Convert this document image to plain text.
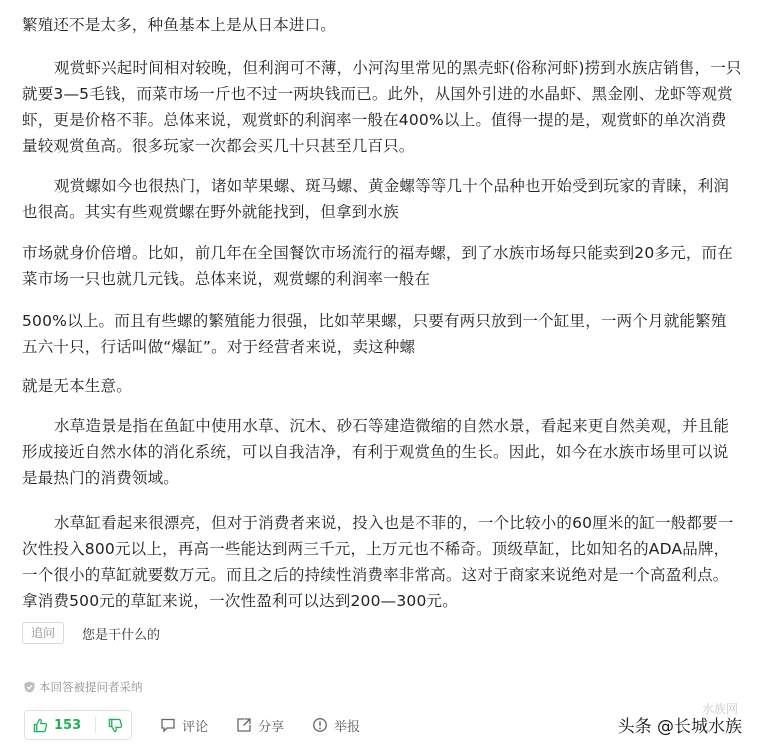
繁殖还不是太多，种鱼基本上是从日本进口。

观赏虾兴起时间相对较晚，但利润可不薄，小河沟里常见的黑壳虾(俗称河虾)捞到水族店销售，一只就要3—5毛钱，而菜市场一斤也不过一两块钱而已。此外，从国外引进的水晶虾、黑金刚、龙虾等观赏虾，更是价格不菲。总体来说，观赏虾的利润率一般在400%以上。值得一提的是，观赏虾的单次消费量较观赏鱼高。很多玩家一次都会买几十只甚至几百只。

观赏螺如今也很热门，诸如苹果螺、斑马螺、黄金螺等等几十个品种也开始受到玩家的青睐，利润也很高。其实有些观赏螺在野外就能找到，但拿到水族

市场就身价倍增。比如，前几年在全国餐饮市场流行的福寿螺，到了水族市场每只能卖到20多元，而在菜市场一只也就几元钱。总体来说，观赏螺的利润率一般在

500%以上。而且有些螺的繁殖能力很强，比如苹果螺，只要有两只放到一个缸里，一两个月就能繁殖五六十只，行话叫做“爆缸”。对于经营者来说，卖这种螺

就是无本生意。

水草造景是指在鱼缸中使用水草、沉木、砂石等建造微缩的自然水景，看起来更自然美观，并且能形成接近自然水体的消化系统，可以自我洁净，有利于观赏鱼的生长。因此，如今在水族市场里可以说是最热门的消费领域。

水草缸看起来很漂亮，但对于消费者来说，投入也是不菲的，一个比较小的60厘米的缸一般都要一次性投入800元以上，再高一些能达到两三千元，上万元也不稀奇。顶级草缸，比如知名的ADA品牌，一个很小的草缸就要数万元。而且之后的持续性消费率非常高。这对于商家来说绝对是一个高盈利点。拿消费500元的草缸来说，一次性盈利可以达到200—300元。

追问	您是干什么的
本回答被提问者采纳
153	评论	分享	举报
水族网
头条 @长城水族
